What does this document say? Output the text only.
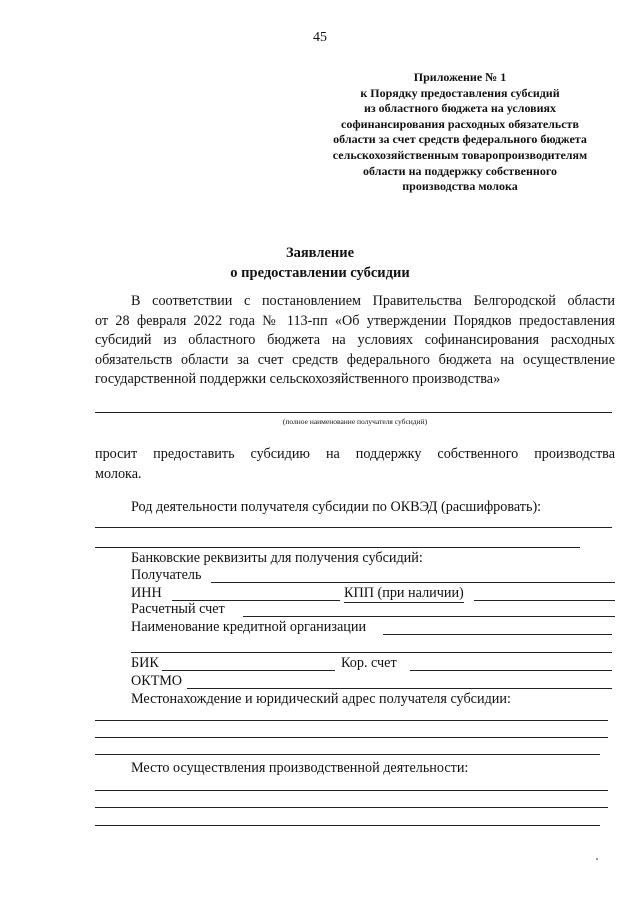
45
Приложение № 1
к Порядку предоставления субсидий
из областного бюджета на условиях
софинансирования расходных обязательств
области за счет средств федерального бюджета
сельскохозяйственным товаропроизводителям
области на поддержку собственного
производства молока
Заявление
о предоставлении субсидии
В соответствии с постановлением Правительства Белгородской области
от 28 февраля 2022 года № 113-пп «Об утверждении Порядков предоставления
субсидий из областного бюджета на условиях софинансирования расходных
обязательств области за счет средств федерального бюджета на осуществление
государственной поддержки сельскохозяйственного производства»
(полное наименование получателя субсидий)
просит предоставить субсидию на поддержку собственного производства
молока.
Род деятельности получателя субсидии по ОКВЭД (расшифровать):
Банковские реквизиты для получения субсидий:
Получатель
ИНН	КПП (при наличии)
Расчетный счет
Наименование кредитной организации
БИК	Кор. счет
ОКТМО
Местонахождение и юридический адрес получателя субсидии:
Место осуществления производственной деятельности:
